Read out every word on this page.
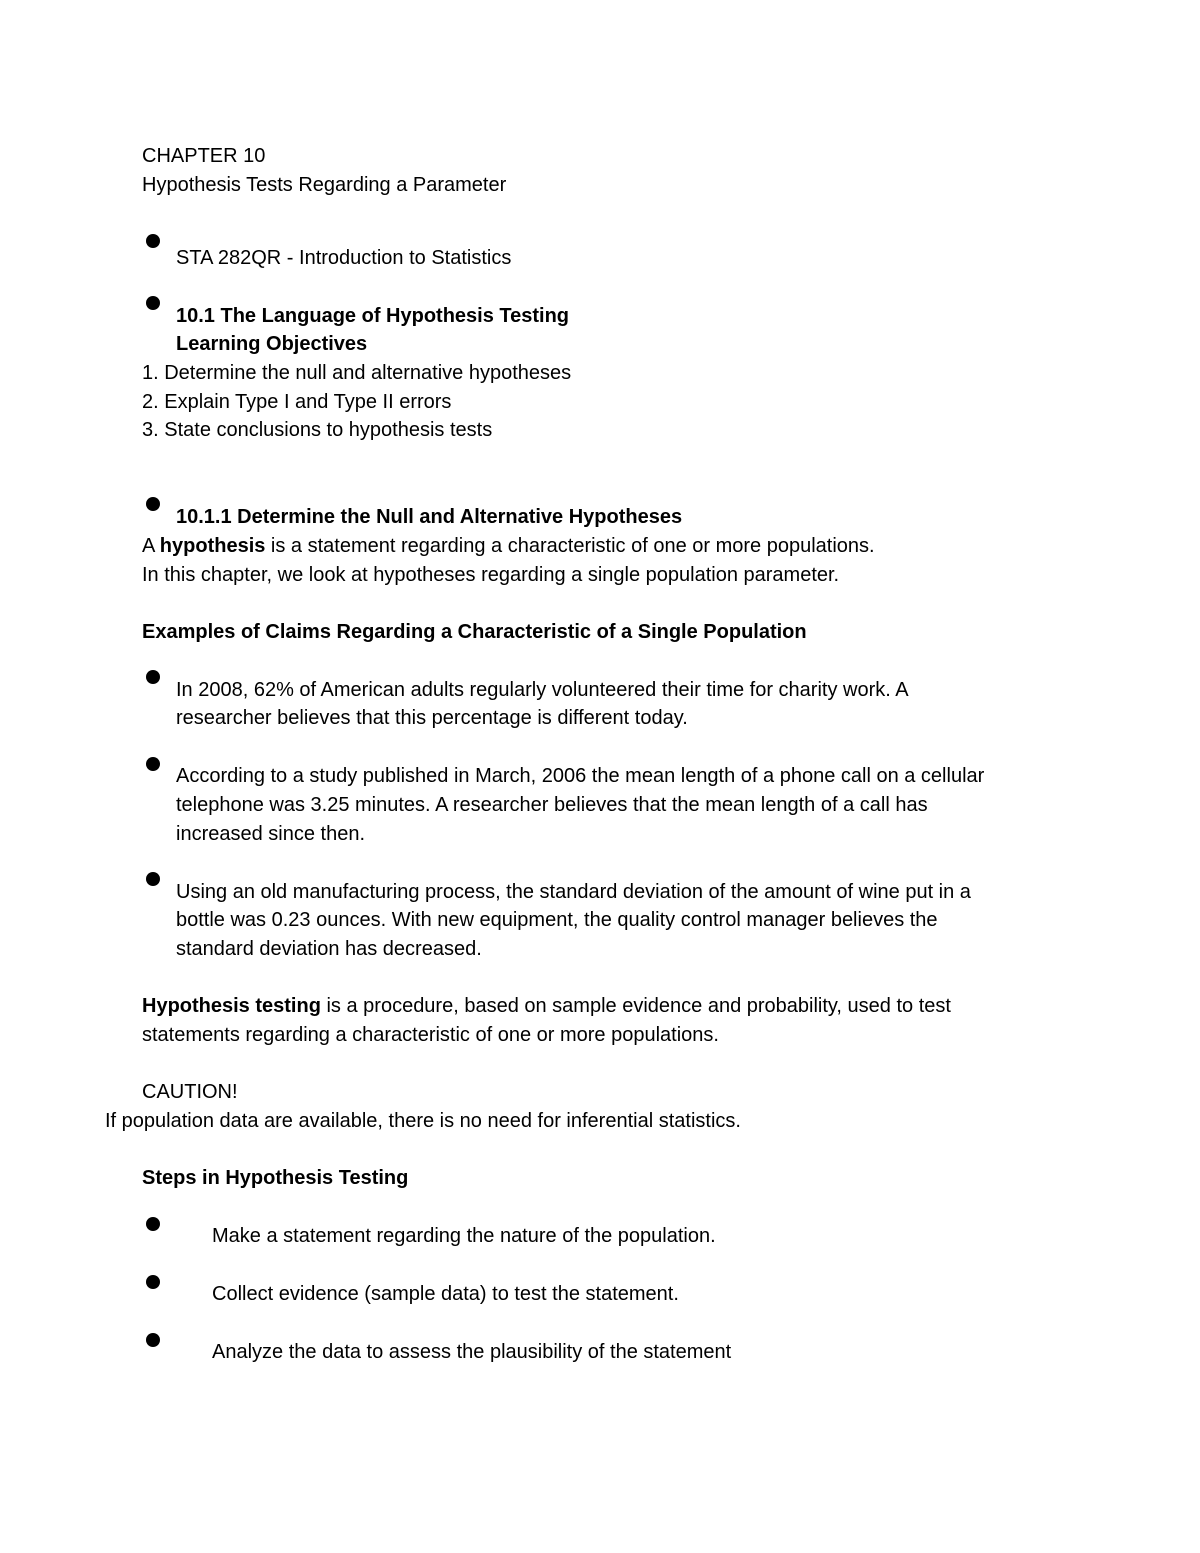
CHAPTER 10
Hypothesis Tests Regarding a Parameter
STA 282QR - Introduction to Statistics
10.1 The Language of Hypothesis Testing
Learning Objectives
1. Determine the null and alternative hypotheses
2. Explain Type I and Type II errors
3. State conclusions to hypothesis tests
10.1.1 Determine the Null and Alternative Hypotheses
A hypothesis is a statement regarding a characteristic of one or more populations.
In this chapter, we look at hypotheses regarding a single population parameter.
Examples of Claims Regarding a Characteristic of a Single Population
In 2008, 62% of American adults regularly volunteered their time for charity work. A
researcher believes that this percentage is different today.
According to a study published in March, 2006 the mean length of a phone call on a cellular
telephone was 3.25 minutes. A researcher believes that the mean length of a call has
increased since then.
Using an old manufacturing process, the standard deviation of the amount of wine put in a
bottle was 0.23 ounces. With new equipment, the quality control manager believes the
standard deviation has decreased.
Hypothesis testing is a procedure, based on sample evidence and probability, used to test
statements regarding a characteristic of one or more populations.
CAUTION!
If population data are available, there is no need for inferential statistics.
Steps in Hypothesis Testing
Make a statement regarding the nature of the population.
Collect evidence (sample data) to test the statement.
Analyze the data to assess the plausibility of the statement
